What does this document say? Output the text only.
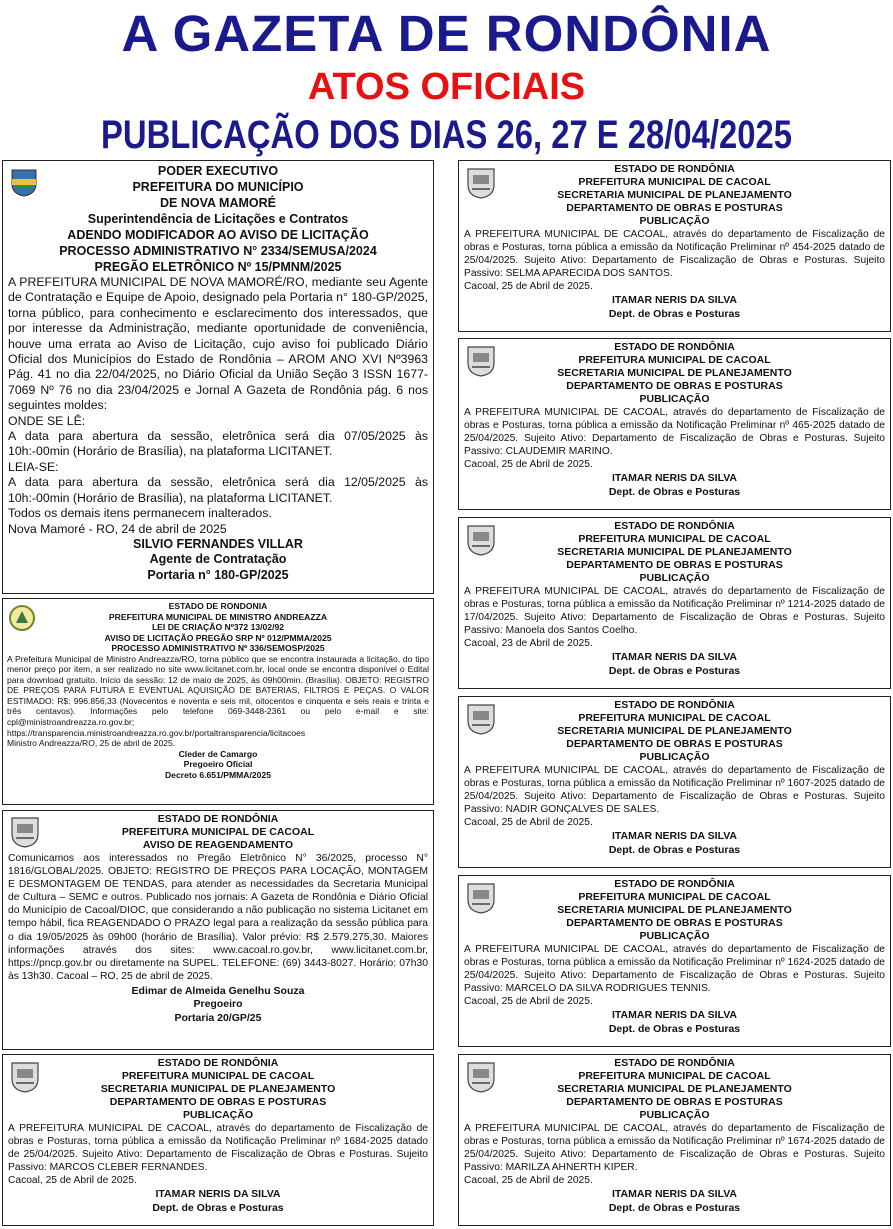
A GAZETA DE RONDÔNIA
ATOS OFICIAIS
PUBLICAÇÃO DOS DIAS 26, 27 E 28/04/2025
PODER EXECUTIVO
PREFEITURA DO MUNICÍPIO
DE NOVA MAMORÉ
Superintendência de Licitações e Contratos
ADENDO MODIFICADOR AO AVISO DE LICITAÇÃO
PROCESSO ADMINISTRATIVO N° 2334/SEMUSA/2024
PREGÃO ELETRÔNICO Nº 15/PMNM/2025

A PREFEITURA MUNICIPAL DE NOVA MAMORÉ/RO, mediante seu Agente de Contratação e Equipe de Apoio, designado pela Portaria n° 180-GP/2025, torna público, para conhecimento e esclarecimento dos interessados, que por interesse da Administração, mediante oportunidade de conveniência, houve uma errata ao Aviso de Licitação, cujo aviso foi publicado Diário Oficial dos Municípios do Estado de Rondônia – AROM ANO XVI Nº3963 Pág. 41 no dia 22/04/2025, no Diário Oficial da União Seção 3 ISSN 1677-7069 Nº 76 no dia 23/04/2025 e Jornal A Gazeta de Rondônia pág. 6 nos seguintes moldes:

ONDE SE LÊ:

A data para abertura da sessão, eletrônica será dia 07/05/2025 às 10h:-00min (Horário de Brasília), na plataforma LICITANET.

LEIA-SE:

A data para abertura da sessão, eletrônica será dia 12/05/2025 às 10h:-00min (Horário de Brasília), na plataforma LICITANET.

Todos os demais itens permanecem inalterados.

Nova Mamoré - RO, 24 de abril de 2025

SILVIO FERNANDES VILLAR
Agente de Contratação
Portaria n° 180-GP/2025
ESTADO DE RONDONIA
PREFEITURA MUNICIPAL DE MINISTRO ANDREAZZA
LEI DE CRIAÇÃO Nº372 13/02/92
AVISO DE LICITAÇÃO PREGÃO SRP Nº 012/PMMA/2025
PROCESSO ADMINISTRATIVO Nº 336/SEMOSP/2025

A Prefeitura Municipal de Ministro Andreazza/RO, torna público que se encontra instaurada a licitação, do tipo menor preço por item, a ser realizado no site www.licitanet.com.br, local onde se encontra disponível o Edital para download gratuito. Início da sessão: 12 de maio de 2025, às 09h00min. (Brasília). OBJETO: REGISTRO DE PREÇOS PARA FUTURA E EVENTUAL AQUISIÇÃO DE BATERIAS, FILTROS E PEÇAS. O VALOR ESTIMADO: R$: 996.856,33 (Novecentos e noventa e seis mil, oitocentos e cinquenta e seis reais e trinta e três centavos). Informações pelo telefone 069-3448-2361 ou pelo e-mail e site: cpl@ministroandreazza.ro.gov.br; https://transparencia.ministroandreazza.ro.gov.br/portaltransparencia/licitacoes

Ministro Andreazza/RO, 25 de abril de 2025.

Cleder de Camargo
Pregoeiro Oficial
Decreto 6.651/PMMA/2025
ESTADO DE RONDÔNIA
PREFEITURA MUNICIPAL DE CACOAL
AVISO DE REAGENDAMENTO

Comunicamos aos interessados no Pregão Eletrônico N° 36/2025, processo N° 1816/GLOBAL/2025. OBJETO: REGISTRO DE PREÇOS PARA LOCAÇÃO, MONTAGEM E DESMONTAGEM DE TENDAS, para atender as necessidades da Secretaria Municipal de Cultura – SEMC e outros. Publicado nos jornais: A Gazeta de Rondônia e Diário Oficial do Município de Cacoal/DIOC, que considerando a não publicação no sistema Licitanet em tempo hábil, fica REAGENDADO O PRAZO legal para a realização da sessão pública para o dia 19/05/2025 às 09h00 (horário de Brasília). Valor prévio: R$ 2.579.275,30. Maiores informações através dos sites: www.cacoal.ro.gov.br, www.licitanet.com.br, https://pncp.gov.br ou diretamente na SUPEL. TELEFONE: (69) 3443-8027. Horário: 07h30 às 13h30. Cacoal – RO, 25 de abril de 2025.

Edimar de Almeida Genelhu Souza
Pregoeiro
Portaria 20/GP/25
ESTADO DE RONDÔNIA
PREFEITURA MUNICIPAL DE CACOAL
SECRETARIA MUNICIPAL DE PLANEJAMENTO
DEPARTAMENTO DE OBRAS E POSTURAS
PUBLICAÇÃO

A PREFEITURA MUNICIPAL DE CACOAL, através do departamento de Fiscalização de obras e Posturas, torna pública a emissão da Notificação Preliminar nº 1684-2025 datado de 25/04/2025. Sujeito Ativo: Departamento de Fiscalização de Obras e Posturas. Sujeito Passivo: MARCOS CLEBER FERNANDES.

Cacoal, 25 de Abril de 2025.

ITAMAR NERIS DA SILVA
Dept. de Obras e Posturas
ESTADO DE RONDÔNIA
PREFEITURA MUNICIPAL DE CACOAL
SECRETARIA MUNICIPAL DE PLANEJAMENTO
DEPARTAMENTO DE OBRAS E POSTURAS
PUBLICAÇÃO

A PREFEITURA MUNICIPAL DE CACOAL, através do departamento de Fiscalização de obras e Posturas, torna pública a emissão da Notificação Preliminar nº 454-2025 datado de 25/04/2025. Sujeito Ativo: Departamento de Fiscalização de Obras e Posturas. Sujeito Passivo: SELMA APARECIDA DOS SANTOS.

Cacoal, 25 de Abril de 2025.

ITAMAR NERIS DA SILVA
Dept. de Obras e Posturas
ESTADO DE RONDÔNIA
PREFEITURA MUNICIPAL DE CACOAL
SECRETARIA MUNICIPAL DE PLANEJAMENTO
DEPARTAMENTO DE OBRAS E POSTURAS
PUBLICAÇÃO

A PREFEITURA MUNICIPAL DE CACOAL, através do departamento de Fiscalização de obras e Posturas, torna pública a emissão da Notificação Preliminar nº 465-2025 datado de 25/04/2025. Sujeito Ativo: Departamento de Fiscalização de Obras e Posturas. Sujeito Passivo: CLAUDEMIR MARINO.

Cacoal, 25 de Abril de 2025.

ITAMAR NERIS DA SILVA
Dept. de Obras e Posturas
ESTADO DE RONDÔNIA
PREFEITURA MUNICIPAL DE CACOAL
SECRETARIA MUNICIPAL DE PLANEJAMENTO
DEPARTAMENTO DE OBRAS E POSTURAS
PUBLICAÇÃO

A PREFEITURA MUNICIPAL DE CACOAL, através do departamento de Fiscalização de obras e Posturas, torna pública a emissão da Notificação Preliminar nº 1214-2025 datado de 17/04/2025. Sujeito Ativo: Departamento de Fiscalização de Obras e Posturas. Sujeito Passivo: Manoela dos Santos Coelho.

Cacoal, 23 de Abril de 2025.

ITAMAR NERIS DA SILVA
Dept. de Obras e Posturas
ESTADO DE RONDÔNIA
PREFEITURA MUNICIPAL DE CACOAL
SECRETARIA MUNICIPAL DE PLANEJAMENTO
DEPARTAMENTO DE OBRAS E POSTURAS
PUBLICAÇÃO

A PREFEITURA MUNICIPAL DE CACOAL, através do departamento de Fiscalização de obras e Posturas, torna pública a emissão da Notificação Preliminar nº 1607-2025 datado de 25/04/2025. Sujeito Ativo: Departamento de Fiscalização de Obras e Posturas. Sujeito Passivo: NADIR GONÇALVES DE SALES.

Cacoal, 25 de Abril de 2025.

ITAMAR NERIS DA SILVA
Dept. de Obras e Posturas
ESTADO DE RONDÔNIA
PREFEITURA MUNICIPAL DE CACOAL
SECRETARIA MUNICIPAL DE PLANEJAMENTO
DEPARTAMENTO DE OBRAS E POSTURAS
PUBLICAÇÃO

A PREFEITURA MUNICIPAL DE CACOAL, através do departamento de Fiscalização de obras e Posturas, torna pública a emissão da Notificação Preliminar nº 1624-2025 datado de 25/04/2025. Sujeito Ativo: Departamento de Fiscalização de Obras e Posturas. Sujeito Passivo: MARCELO DA SILVA RODRIGUES TENNIS.

Cacoal, 25 de Abril de 2025.

ITAMAR NERIS DA SILVA
Dept. de Obras e Posturas
ESTADO DE RONDÔNIA
PREFEITURA MUNICIPAL DE CACOAL
SECRETARIA MUNICIPAL DE PLANEJAMENTO
DEPARTAMENTO DE OBRAS E POSTURAS
PUBLICAÇÃO

A PREFEITURA MUNICIPAL DE CACOAL, através do departamento de Fiscalização de obras e Posturas, torna pública a emissão da Notificação Preliminar nº 1674-2025 datado de 25/04/2025. Sujeito Ativo: Departamento de Fiscalização de Obras e Posturas. Sujeito Passivo: MARILZA AHNERTH KIPER.

Cacoal, 25 de Abril de 2025.

ITAMAR NERIS DA SILVA
Dept. de Obras e Posturas
